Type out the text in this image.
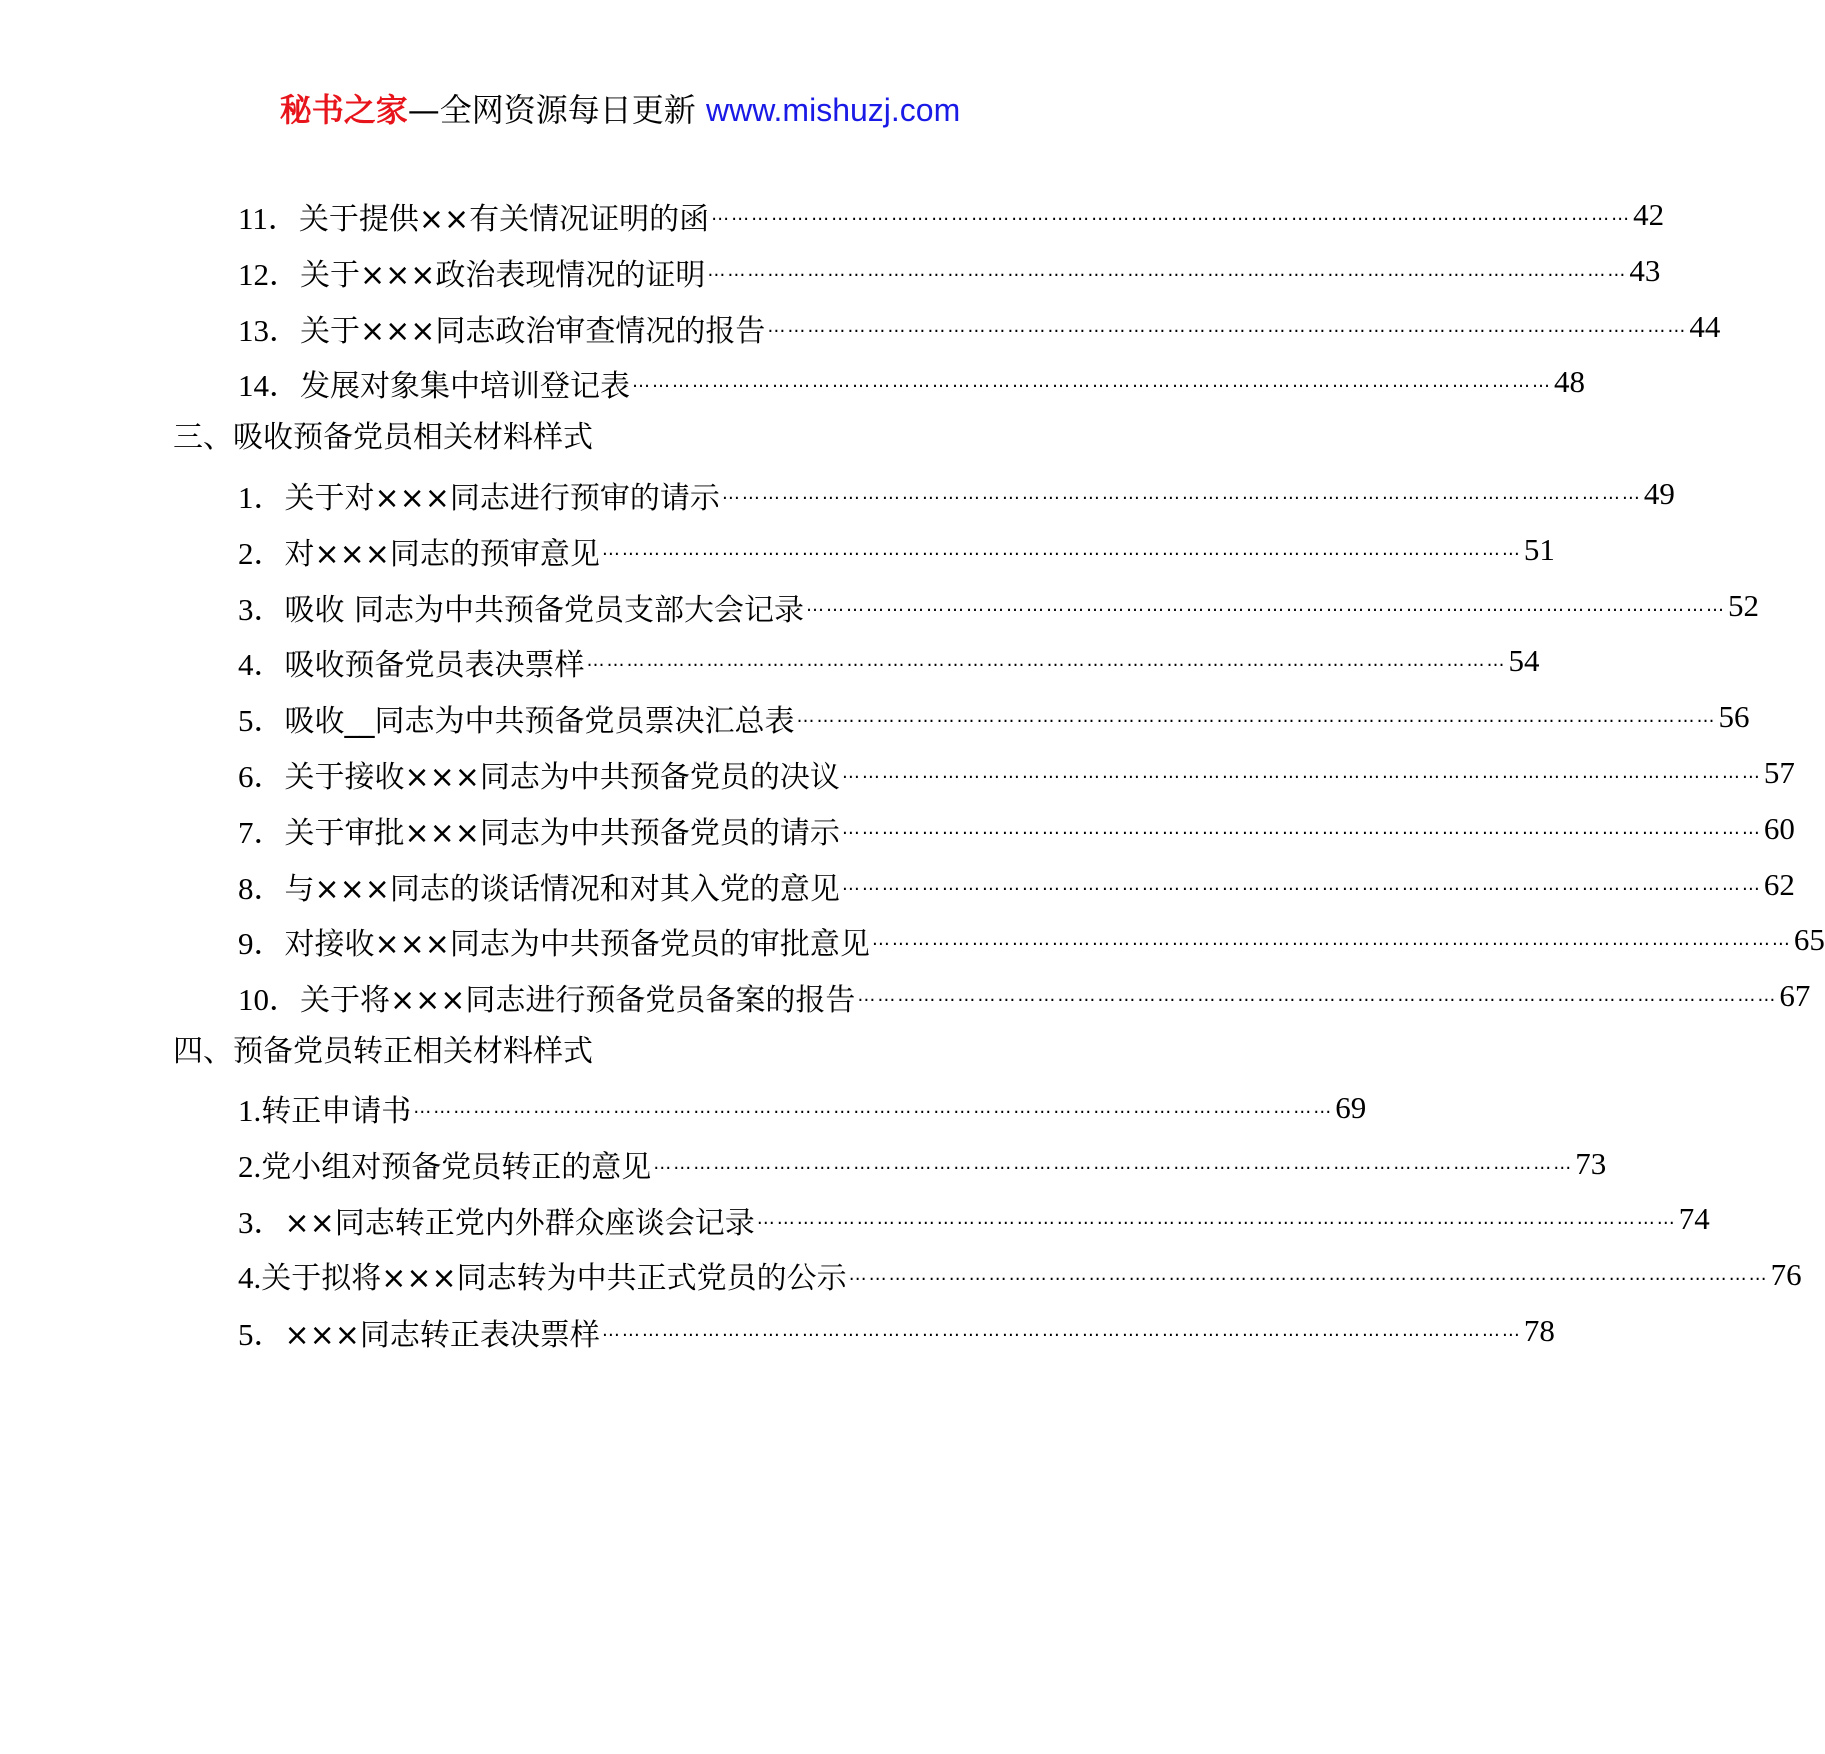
秘书之家—全网资源每日更新 www.mishuzj.com
11．关于提供××有关情况证明的函 ………………………………………………………………………………………………………………………… 42
12．关于×××政治表现情况的证明 ………………………………………………………………………………………………………………………… 43
13．关于×××同志政治审查情况的报告 ………………………………………………………………………………………………………………………… 44
14．发展对象集中培训登记表 ………………………………………………………………………………………………………………………… 48
三、吸收预备党员相关材料样式
1．关于对×××同志进行预审的请示 ………………………………………………………………………………………………………………………… 49
2．对×××同志的预审意见 ………………………………………………………………………………………………………………………… 51
3．吸收 同志为中共预备党员支部大会记录 ………………………………………………………………………………………………………………………… 52
4．吸收预备党员表决票样 ………………………………………………………………………………………………………………………… 54
5．吸收__同志为中共预备党员票决汇总表 ………………………………………………………………………………………………………………………… 56
6．关于接收×××同志为中共预备党员的决议 ………………………………………………………………………………………………………………………… 57
7．关于审批×××同志为中共预备党员的请示 ………………………………………………………………………………………………………………………… 60
8．与×××同志的谈话情况和对其入党的意见 ………………………………………………………………………………………………………………………… 62
9．对接收×××同志为中共预备党员的审批意见 ………………………………………………………………………………………………………………………… 65
10．关于将×××同志进行预备党员备案的报告 ………………………………………………………………………………………………………………………… 67
四、预备党员转正相关材料样式
1.转正申请书 ………………………………………………………………………………………………………………………… 69
2.党小组对预备党员转正的意见 ………………………………………………………………………………………………………………………… 73
3．××同志转正党内外群众座谈会记录 ………………………………………………………………………………………………………………………… 74
4.关于拟将×××同志转为中共正式党员的公示 ………………………………………………………………………………………………………………………… 76
5．×××同志转正表决票样 ………………………………………………………………………………………………………………………… 78
